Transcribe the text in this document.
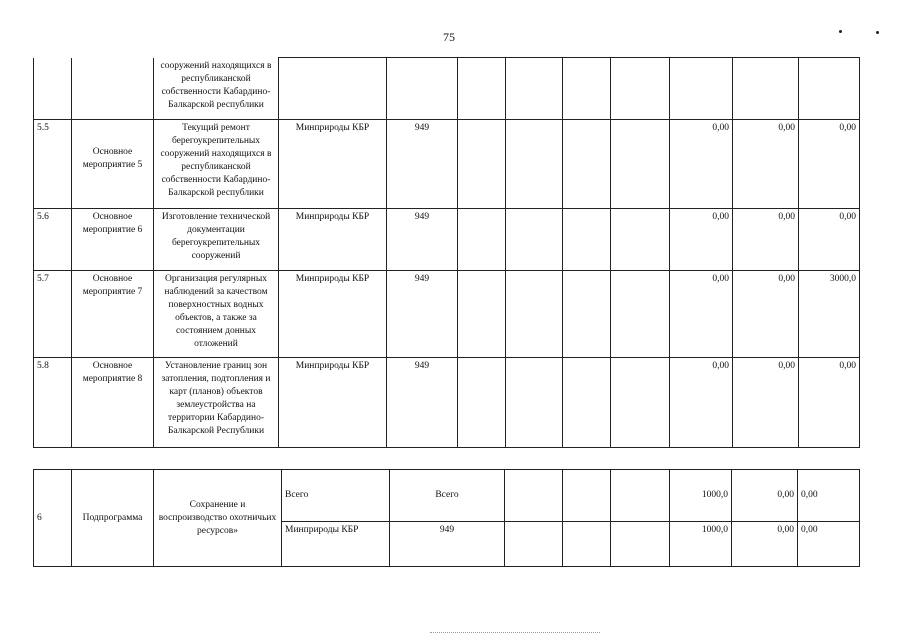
75
		сооружений находящихся в республиканской собственности Кабардино-Балкарской республики									
5.5	Основное мероприятие 5	Текущий ремонт берегоукрепительных сооружений находящихся в республиканской собственности Кабардино-Балкарской республики	Минприроды КБР	949					0,00	0,00	0,00
5.6	Основное мероприятие 6	Изготовление технической документации берегоукрепительных сооружений	Минприроды КБР	949					0,00	0,00	0,00
5.7	Основное мероприятие 7	Организация регулярных наблюдений за качеством поверхностных водных объектов, а также за состоянием донных отложений	Минприроды КБР	949					0,00	0,00	3000,0
5.8	Основное мероприятие 8	Установление границ зон затопления, подтопления и карт (планов) объектов землеустройства на территории Кабардино-Балкарской Республики	Минприроды КБР	949					0,00	0,00	0,00
6	Подпрограмма	Сохранение и воспроизводство охотничьих ресурсов»	Всего	Всего				1000,0	0,00	0,00
			Минприроды КБР	949				1000,0	0,00	0,00
